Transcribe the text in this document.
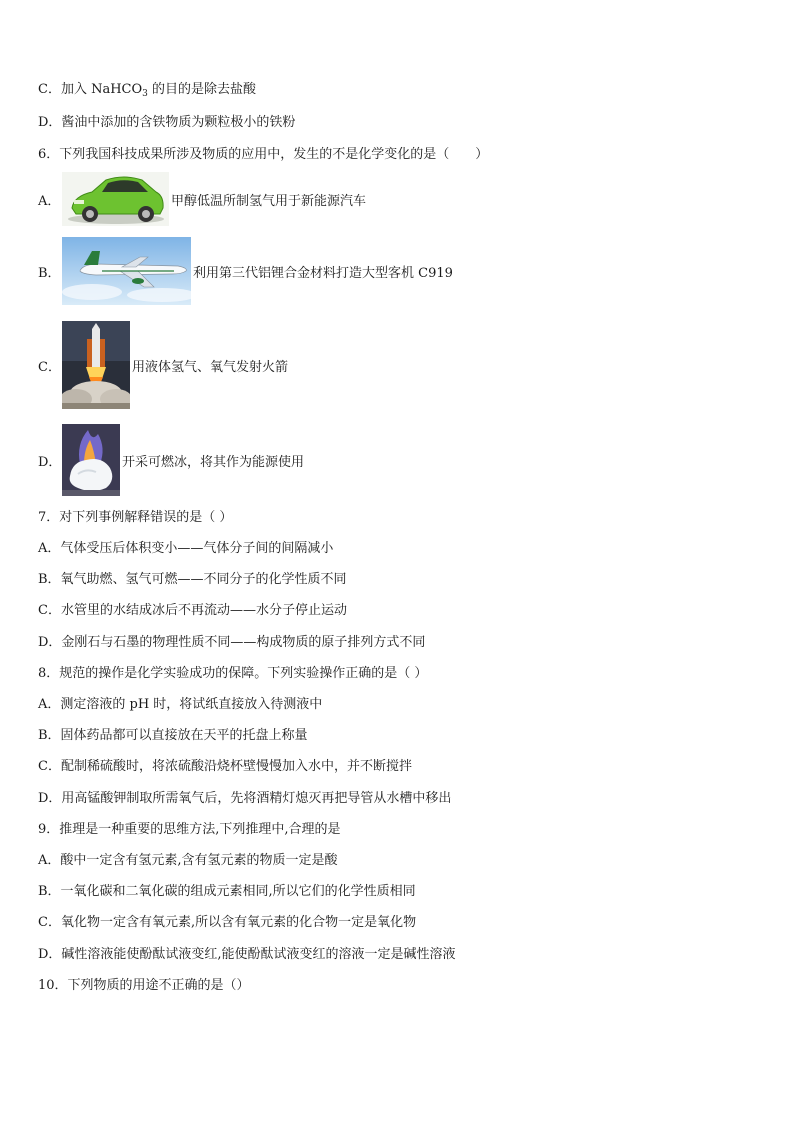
C．加入 NaHCO$_3$ 的目的是除去盐酸
D．酱油中添加的含铁物质为颗粒极小的铁粉
6．下列我国科技成果所涉及物质的应用中，发生的不是化学变化的是（　　）
A．	甲醇低温所制氢气用于新能源汽车
B．	利用第三代铝锂合金材料打造大型客机 C919
C．	用液体氢气、氧气发射火箭
D．	开采可燃冰，将其作为能源使用
7．对下列事例解释错误的是（ ）
A．气体受压后体积变小——气体分子间的间隔减小
B．氧气助燃、氢气可燃——不同分子的化学性质不同
C．水管里的水结成冰后不再流动——水分子停止运动
D．金刚石与石墨的物理性质不同——构成物质的原子排列方式不同
8．规范的操作是化学实验成功的保障。下列实验操作正确的是（ ）
A．测定溶液的 pH 时，将试纸直接放入待测液中
B．固体药品都可以直接放在天平的托盘上称量
C．配制稀硫酸时，将浓硫酸沿烧杯壁慢慢加入水中，并不断搅拌
D．用高锰酸钾制取所需氧气后，先将酒精灯熄灭再把导管从水槽中移出
9．推理是一种重要的思维方法,下列推理中,合理的是
A．酸中一定含有氢元素,含有氢元素的物质一定是酸
B．一氧化碳和二氧化碳的组成元素相同,所以它们的化学性质相同
C．氧化物一定含有氧元素,所以含有氧元素的化合物一定是氧化物
D．碱性溶液能使酚酞试液变红,能使酚酞试液变红的溶液一定是碱性溶液
10．下列物质的用途不正确的是（）
